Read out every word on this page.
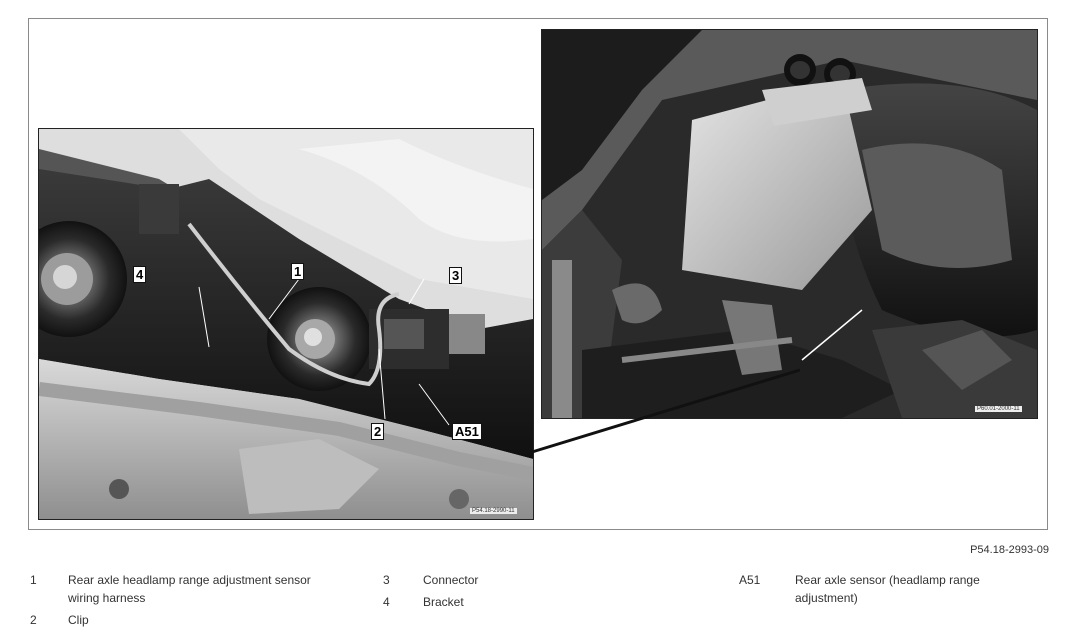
4	1	3
2	A51
P54.18-2990-11
P60.01-2000-11
P54.18-2993-09
1	Rear axle headlamp range adjustment sensor wiring harness
2	Clip
3	Connector
4	Bracket
A51	Rear axle sensor (headlamp range adjustment)
